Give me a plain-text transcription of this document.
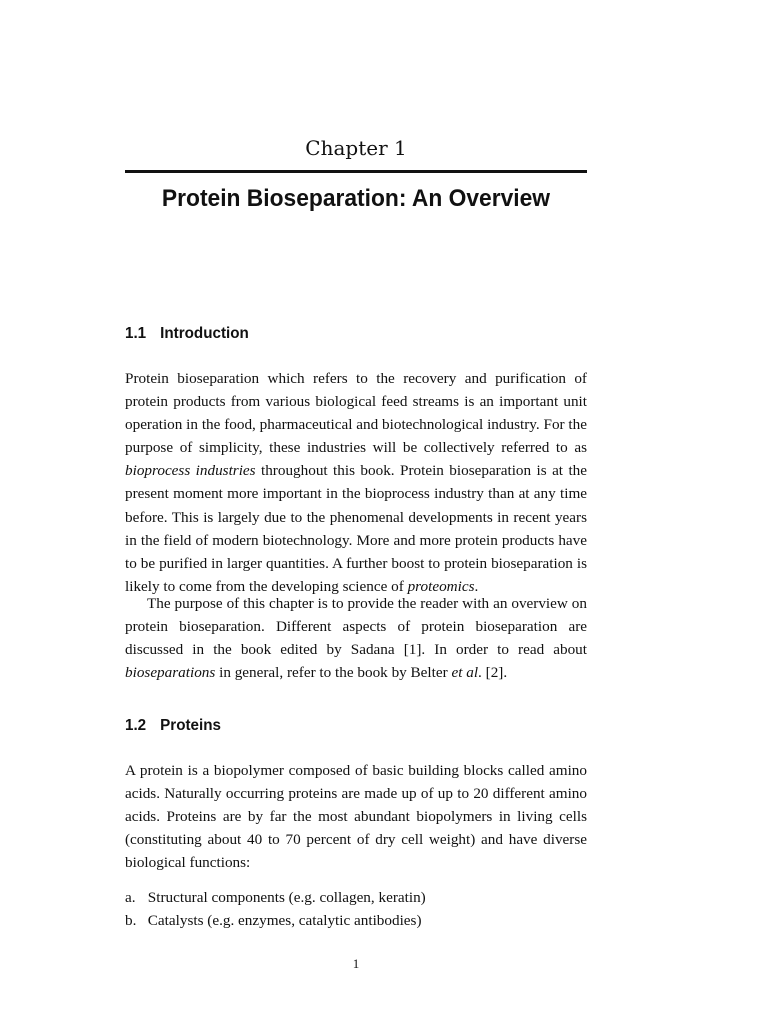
Chapter 1
Protein Bioseparation: An Overview
1.1 Introduction

Protein bioseparation which refers to the recovery and purification of protein products from various biological feed streams is an important unit operation in the food, pharmaceutical and biotechnological industry. For the purpose of simplicity, these industries will be collectively referred to as bioprocess industries throughout this book. Protein bioseparation is at the present moment more important in the bioprocess industry than at any time before. This is largely due to the phenomenal developments in recent years in the field of modern biotechnology. More and more protein products have to be purified in larger quantities. A further boost to protein bioseparation is likely to come from the developing science of proteomics.

The purpose of this chapter is to provide the reader with an overview on protein bioseparation. Different aspects of protein bioseparation are discussed in the book edited by Sadana [1]. In order to read about bioseparations in general, refer to the book by Belter et al. [2].

1.2 Proteins

A protein is a biopolymer composed of basic building blocks called amino acids. Naturally occurring proteins are made up of up to 20 different amino acids. Proteins are by far the most abundant biopolymers in living cells (constituting about 40 to 70 percent of dry cell weight) and have diverse biological functions:

a. Structural components (e.g. collagen, keratin)
b. Catalysts (e.g. enzymes, catalytic antibodies)
1
